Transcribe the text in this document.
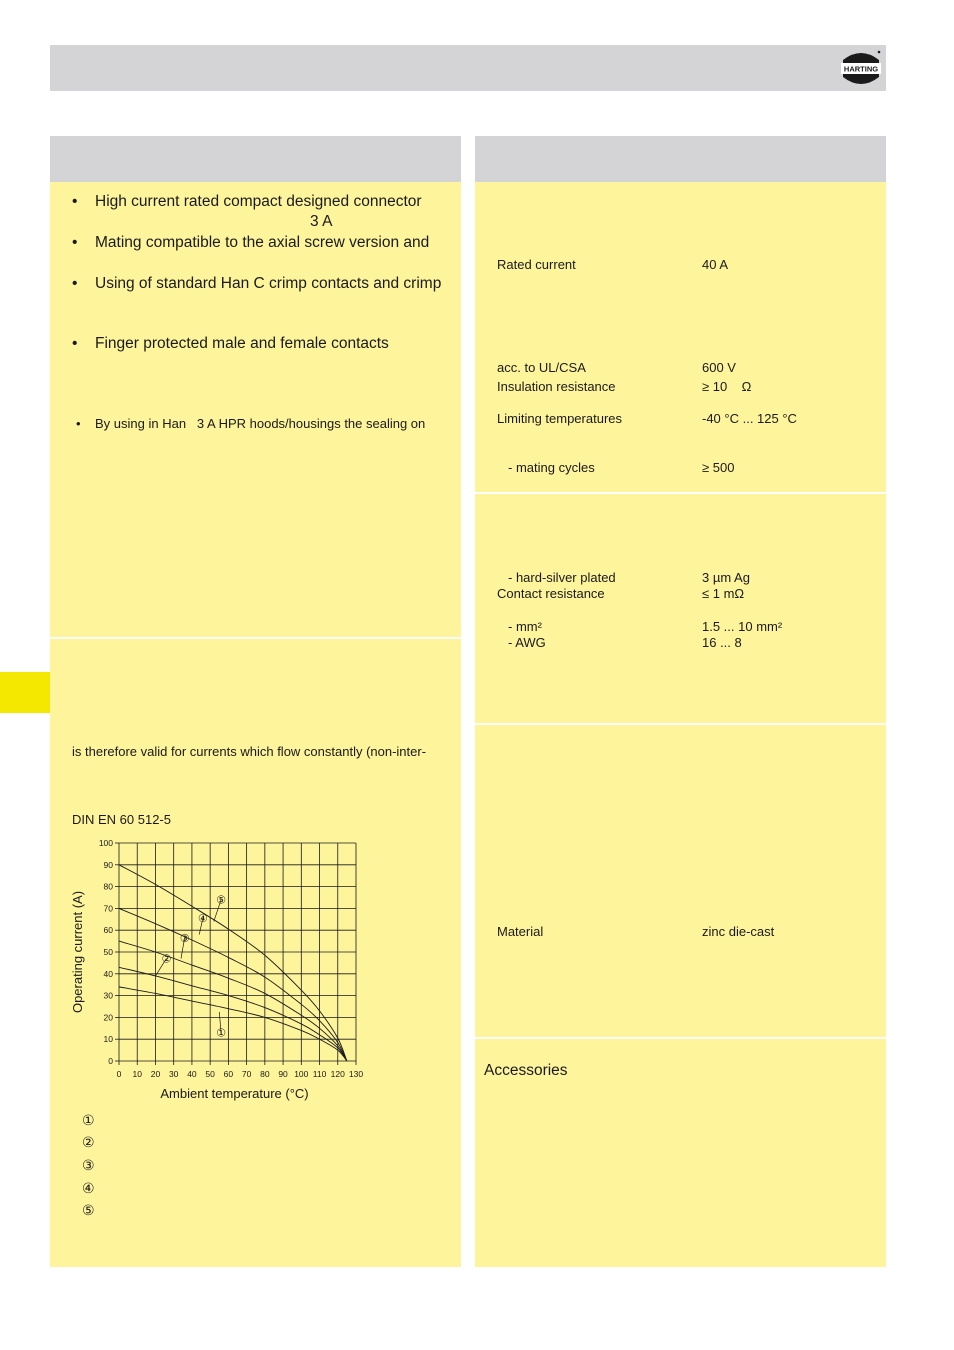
HARTING
• High current rated compact designed connector
3 A
• Mating compatible to the axial screw version and
• Using of standard Han C crimp contacts and crimp
• Finger protected male and female contacts
• By using in Han   3 A HPR hoods/housings the sealing on
is therefore valid for currents which flow constantly (non-inter-
DIN EN 60 512-5
0 10 20 30 40 50 60 70 80 90 100 110 120 130
0
10
20
30
40
50
60
70
80
90
100
①
②
③
④
⑤
Operating current (A)
Ambient temperature (°C)
①
②
③
④
⑤
Rated current	40 A
acc. to UL/CSA	600 V
Insulation resistance	≥ 10    Ω
Limiting temperatures	-40 °C ... 125 °C
- mating cycles	≥ 500
- hard-silver plated	3 µm Ag
Contact resistance	≤ 1 mΩ
- mm²	1.5 ... 10 mm²
- AWG	16 ... 8
Material	zinc die-cast
Accessories
